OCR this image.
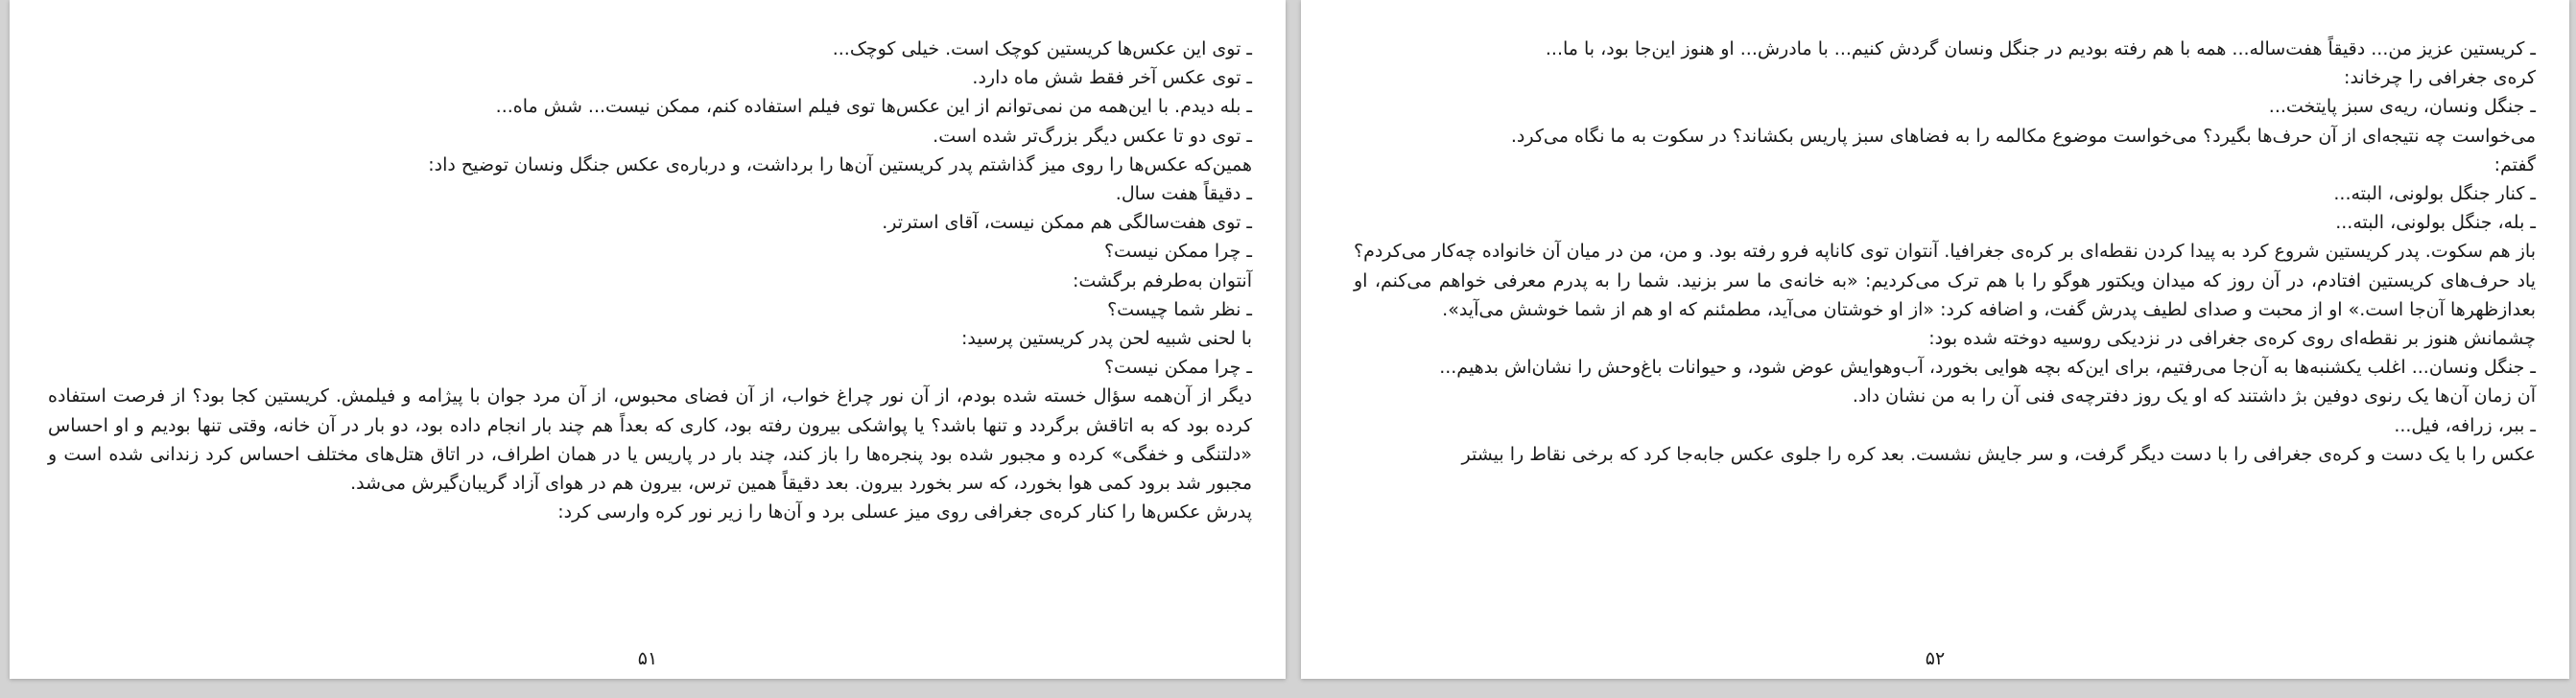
ـ توی این عکس‌ها کریستین کوچک است. خیلی کوچک...

ـ توی عکس آخر فقط شش ماه دارد.

ـ بله دیدم. با این‌همه من نمی‌توانم از این عکس‌ها توی فیلم استفاده کنم، ممکن نیست... شش ماه...

ـ توی دو تا عکس دیگر بزرگ‌تر شده است.

همین‌که عکس‌ها را روی میز گذاشتم پدر کریستین آن‌ها را برداشت، و درباره‌ی عکس جنگل ونسان توضیح داد:

ـ دقیقاً هفت سال.

ـ توی هفت‌سالگی هم ممکن نیست، آقای استرتر.

ـ چرا ممکن نیست؟

آنتوان به‌طرفم برگشت:

ـ نظر شما چیست؟

با لحنی شبیه لحن پدر کریستین پرسید:

ـ چرا ممکن نیست؟

دیگر از آن‌همه سؤال خسته شده بودم، از آن نور چراغ خواب، از آن فضای محبوس، از آن مرد جوان با پیژامه و فیلمش. کریستین کجا بود؟ از فرصت استفاده کرده بود که به اتاقش برگردد و تنها باشد؟ یا پواشکی بیرون رفته بود، کاری که بعداً هم چند بار انجام داده بود، دو بار در آن خانه، وقتی تنها بودیم و او احساس «دلتنگی و خفگی» کرده و مجبور شده بود پنجره‌ها را باز کند، چند بار در پاریس یا در همان اطراف، در اتاق هتل‌های مختلف احساس کرد زندانی شده است و مجبور شد برود کمی هوا بخورد، که سر بخورد بیرون. بعد دقیقاً همین ترس، بیرون هم در هوای آزاد گریبان‌گیرش می‌شد.

پدرش عکس‌ها را کنار کره‌ی جغرافی روی میز عسلی برد و آن‌ها را زیر نور کره وارسی کرد:

۵۱

ـ کریستین عزیز من... دقیقاً هفت‌ساله... همه با هم رفته بودیم در جنگل ونسان گردش کنیم... با مادرش... او هنوز این‌جا بود، با ما...

کره‌ی جغرافی را چرخاند:

ـ جنگل ونسان، ریه‌ی سبز پایتخت...

می‌خواست چه نتیجه‌ای از آن حرف‌ها بگیرد؟ می‌خواست موضوع مکالمه را به فضاهای سبز پاریس بکشاند؟ در سکوت به ما نگاه می‌کرد.

گفتم:

ـ کنار جنگل بولونی، البته...

ـ بله، جنگل بولونی، البته...

باز هم سکوت. پدر کریستین شروع کرد به پیدا کردن نقطه‌ای بر کره‌ی جغرافیا. آنتوان توی کاناپه فرو رفته بود. و من، من در میان آن خانواده چه‌کار می‌کردم؟ یاد حرف‌های کریستین افتادم، در آن روز که میدان ویکتور هوگو را با هم ترک می‌کردیم: «به خانه‌ی ما سر بزنید. شما را به پدرم معرفی خواهم می‌کنم، او بعدازظهرها آن‌جا است.» او از محبت و صدای لطیف پدرش گفت، و اضافه کرد: «از او خوشتان می‌آید، مطمئنم که او هم از شما خوشش می‌آید».

چشمانش هنوز بر نقطه‌ای روی کره‌ی جغرافی در نزدیکی روسیه دوخته شده بود:

ـ جنگل ونسان... اغلب یکشنبه‌ها به آن‌جا می‌رفتیم، برای این‌که بچه هوایی بخورد، آب‌وهوایش عوض شود، و حیوانات باغ‌وحش را نشان‌اش بدهیم...

آن زمان آن‌ها یک رنوی دوفین بژ داشتند که او یک روز دفترچه‌ی فنی آن را به من نشان داد.

ـ ببر، زرافه، فیل...

عکس را با یک دست و کره‌ی جغرافی را با دست دیگر گرفت، و سر جایش نشست. بعد کره را جلوی عکس جابه‌جا کرد که برخی نقاط را بیشتر

۵۲
